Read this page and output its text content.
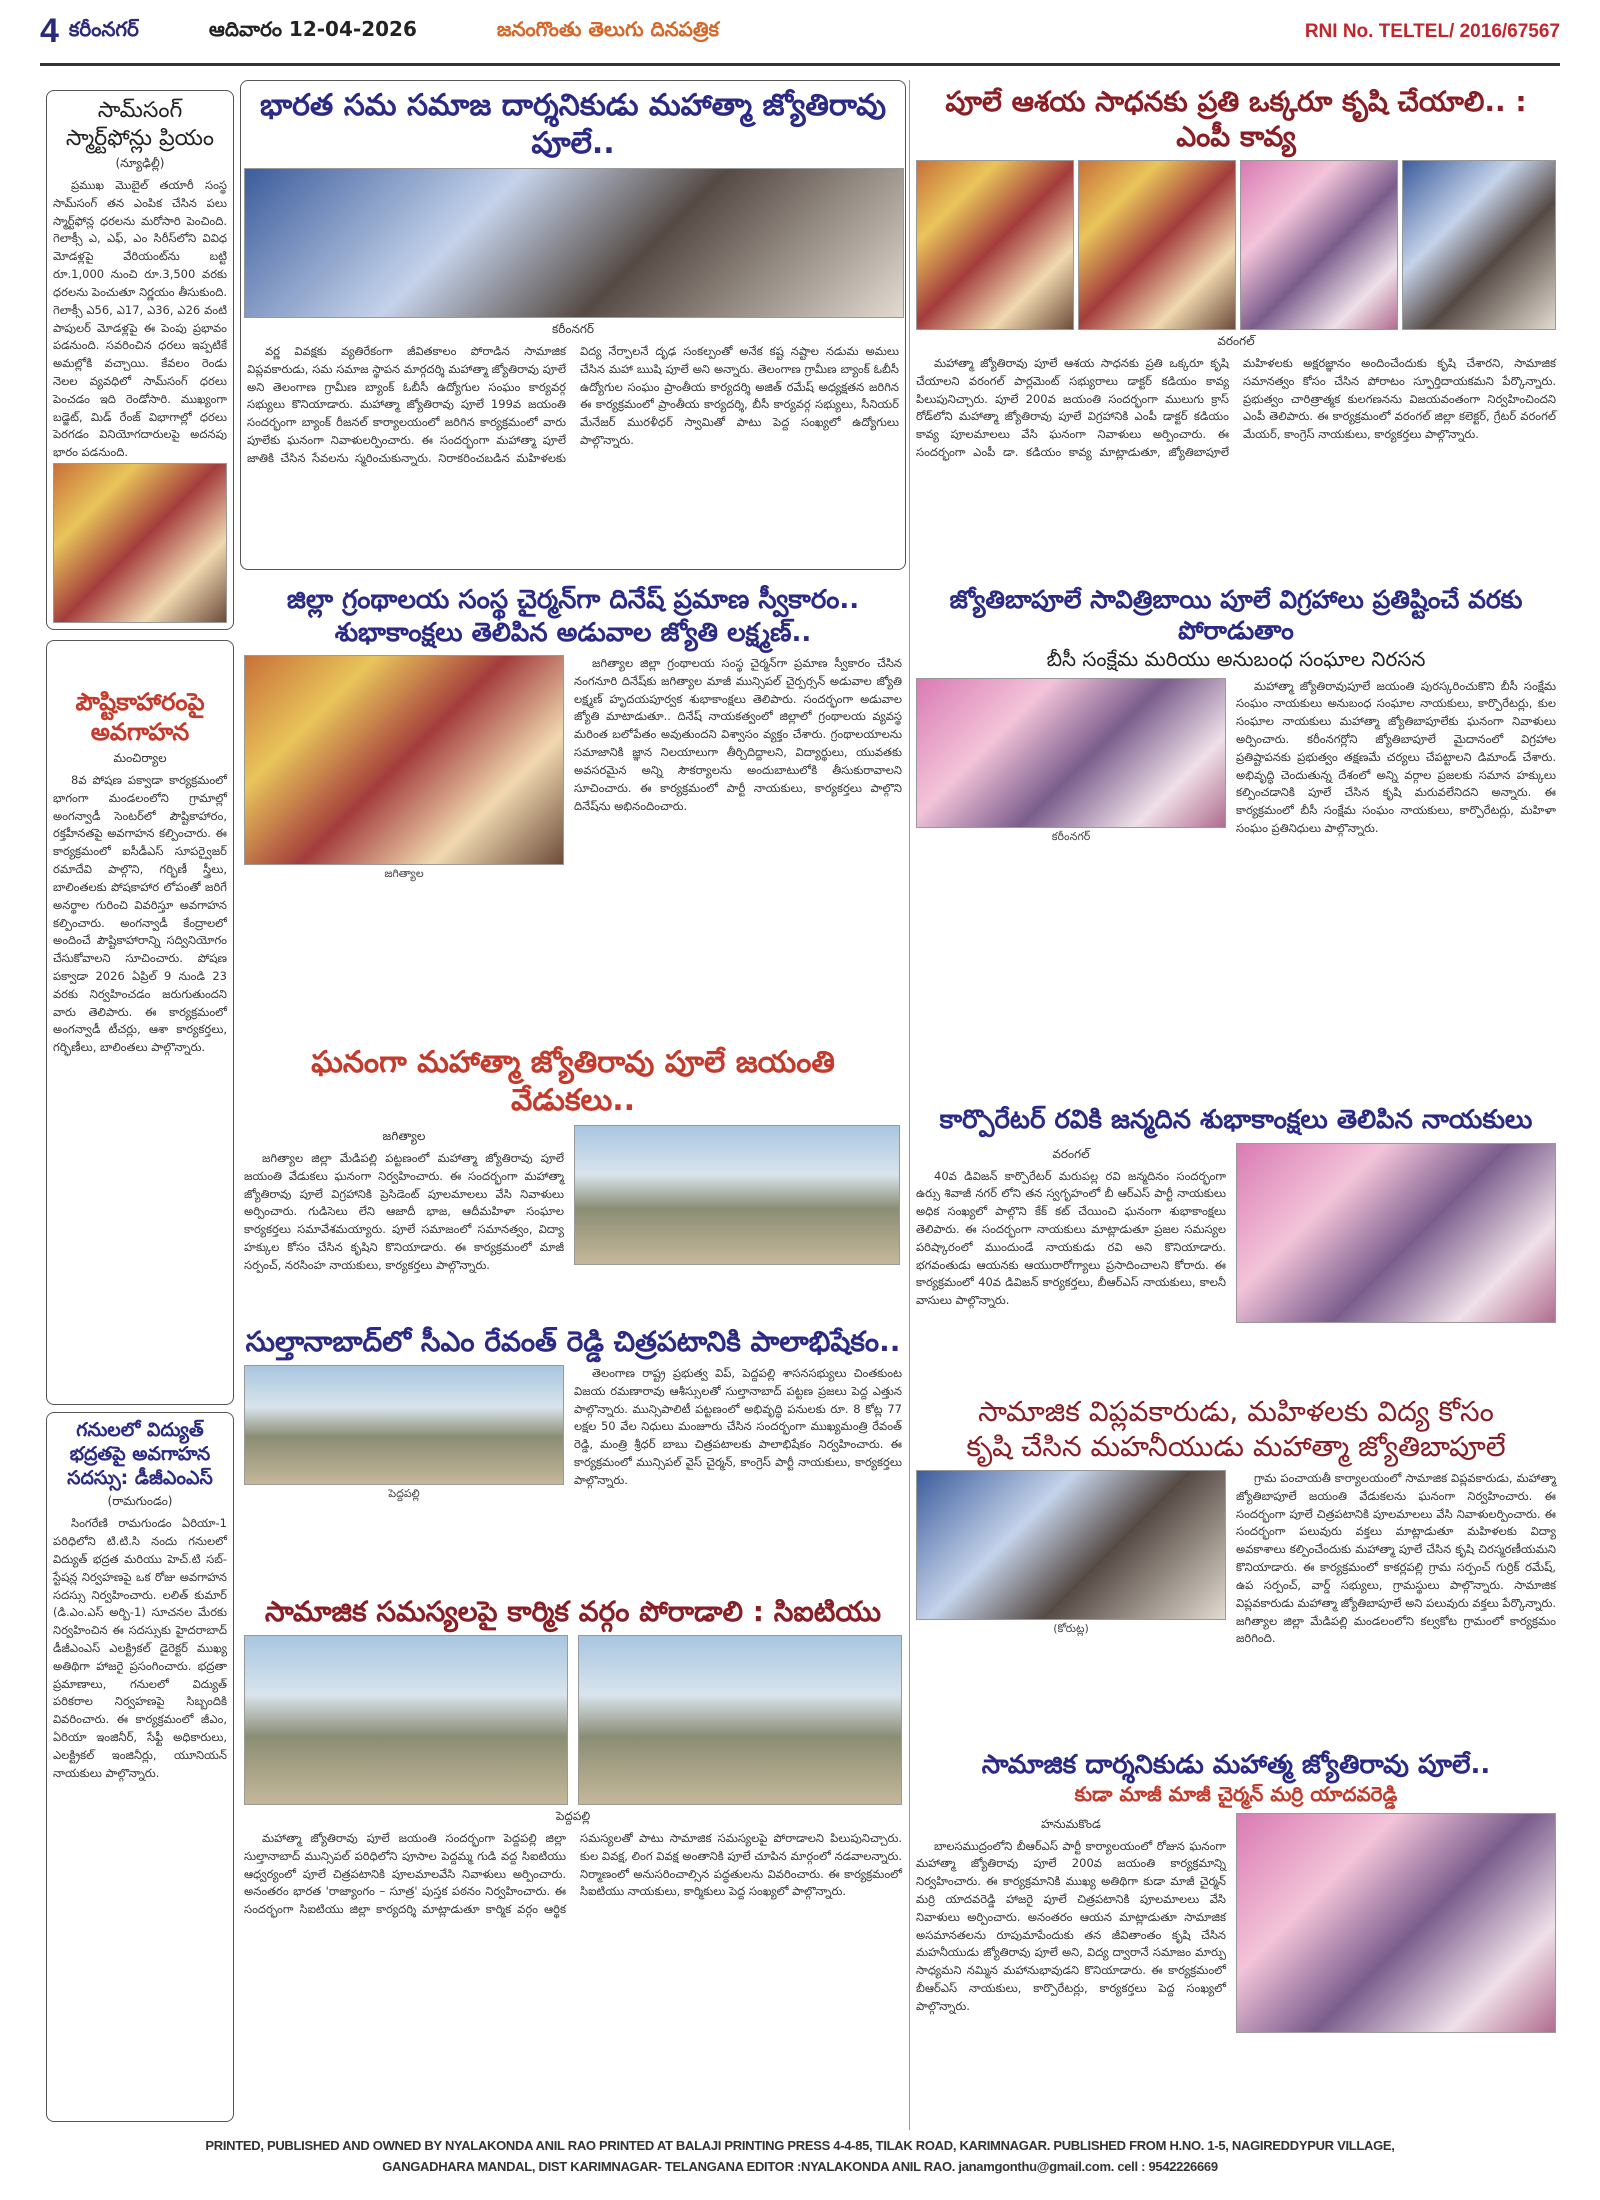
4 కరీంనగర్	ఆదివారం 12-04-2026	జనంగొంతు తెలుగు దినపత్రిక	RNI No. TELTEL/ 2016/67567
సామ్‌సంగ్ స్మార్ట్‌ఫోన్లు ప్రియం
(న్యూఢిల్లీ)

ప్రముఖ మొబైల్ తయారీ సంస్థ సామ్‌సంగ్ తన ఎంపిక చేసిన పలు స్మార్ట్‌ఫోన్ల ధరలను మరోసారి పెంచింది. గెలాక్సీ ఎ, ఎఫ్, ఎం సిరీస్‌లోని వివిధ మోడళ్లపై వేరియంట్‌ను బట్టి రూ.1,000 నుంచి రూ.3,500 వరకు ధరలను పెంచుతూ నిర్ణయం తీసుకుంది. గెలాక్సీ ఎ56, ఎ17, ఎ36, ఎ26 వంటి పాపులర్ మోడళ్లపై ఈ పెంపు ప్రభావం పడనుంది. సవరించిన ధరలు ఇప్పటికే అమల్లోకి వచ్చాయి. కేవలం రెండు నెలల వ్యవధిలో సామ్‌సంగ్ ధరలు పెంచడం ఇది రెండోసారి. ముఖ్యంగా బడ్జెట్, మిడ్ రేంజ్ విభాగాల్లో ధరలు పెరగడం వినియోగదారులపై అదనపు భారం పడనుంది.

పౌష్టికాహారంపై అవగాహన
మంచిర్యాల

8వ పోషణ పక్వాడా కార్యక్రమంలో భాగంగా మండలంలోని గ్రామాల్లో అంగన్వాడీ సెంటర్‌లో పౌష్టికాహారం, రక్తహీనతపై అవగాహన కల్పించారు. ఈ కార్యక్రమంలో ఐసీడీఎస్ సూపర్వైజర్ రమాదేవి పాల్గొని, గర్భిణీ స్త్రీలు, బాలింతలకు పోషకాహార లోపంతో జరిగే అనర్థాల గురించి వివరిస్తూ అవగాహన కల్పించారు. అంగన్వాడీ కేంద్రాలలో అందించే పౌష్టికాహారాన్ని సద్వినియోగం చేసుకోవాలని సూచించారు. పోషణ పక్వాడా 2026 ఏప్రిల్ 9 నుండి 23 వరకు నిర్వహించడం జరుగుతుందని వారు తెలిపారు. ఈ కార్యక్రమంలో అంగన్వాడీ టీచర్లు, ఆశా కార్యకర్తలు, గర్భిణీలు, బాలింతలు పాల్గొన్నారు.

గనులలో విద్యుత్ భద్రతపై అవగాహన సదస్సు: డీజీఎంఎస్
(రామగుండం)

సింగరేణి రామగుండం ఏరియా-1 పరిధిలోని టి.టి.సి నందు గనులలో విద్యుత్ భద్రత మరియు హెచ్.టి సబ్-స్టేషన్ల నిర్వహణపై ఒక రోజు అవగాహన సదస్సు నిర్వహించారు. లలిత్ కుమార్ (డి.ఎం.ఎస్ అర్బి-1) సూచనల మేరకు నిర్వహించిన ఈ సదస్సుకు హైదరాబాద్ డీజీఎంఎస్ ఎలక్ట్రికల్ డైరెక్టర్ ముఖ్య అతిథిగా హాజరై ప్రసంగించారు. భద్రతా ప్రమాణాలు, గనులలో విద్యుత్ పరికరాల నిర్వహణపై సిబ్బందికి వివరించారు. ఈ కార్యక్రమంలో జీఎం, ఏరియా ఇంజినీర్, సేఫ్టీ అధికారులు, ఎలక్ట్రికల్ ఇంజినీర్లు, యూనియన్ నాయకులు పాల్గొన్నారు.

భారత సమ సమాజ దార్శనికుడు మహాత్మా జ్యోతిరావు పూలే..
కరీంనగర్

వర్ణ వివక్షకు వ్యతిరేకంగా జీవితకాలం పోరాడిన సామాజిక విప్లవకారుడు, సమ సమాజ స్థాపన మార్గదర్శి మహాత్మా జ్యోతిరావు పూలే అని తెలంగాణ గ్రామీణ బ్యాంక్ ఓబీసీ ఉద్యోగుల సంఘం కార్యవర్గ సభ్యులు కొనియాడారు. మహాత్మా జ్యోతిరావు పూలే 199వ జయంతి సందర్భంగా బ్యాంక్ రీజనల్ కార్యాలయంలో జరిగిన కార్యక్రమంలో వారు పూలేకు ఘనంగా నివాళులర్పించారు. ఈ సందర్భంగా మహాత్మా పూలే జాతికి చేసిన సేవలను స్మరించుకున్నారు. నిరాకరించబడిన మహిళలకు విద్య నేర్పాలనే దృఢ సంకల్పంతో అనేక కష్ట నష్టాల నడుమ అమలు చేసిన మహా ఋషి పూలే అని అన్నారు. తెలంగాణ గ్రామీణ బ్యాంక్ ఓబీసీ ఉద్యోగుల సంఘం ప్రాంతీయ కార్యదర్శి అజిత్ రమేష్ అధ్యక్షతన జరిగిన ఈ కార్యక్రమంలో ప్రాంతీయ కార్యదర్శి, బీసీ కార్యవర్గ సభ్యులు, సీనియర్ మేనేజర్ మురళీధర్ స్వామితో పాటు పెద్ద సంఖ్యలో ఉద్యోగులు పాల్గొన్నారు.

జిల్లా గ్రంథాలయ సంస్థ చైర్మన్‌గా దినేష్ ప్రమాణ స్వీకారం..
శుభాకాంక్షలు తెలిపిన అడువాల జ్యోతి లక్ష్మణ్..
జగిత్యాల

జగిత్యాల జిల్లా గ్రంథాలయ సంస్థ చైర్మన్‌గా ప్రమాణ స్వీకారం చేసిన నంగనూరి దినేష్‌కు జగిత్యాల మాజీ మున్సిపల్ చైర్పర్సన్ అడువాల జ్యోతి లక్ష్మణ్ హృదయపూర్వక శుభాకాంక్షలు తెలిపారు. సందర్భంగా అడువాల జ్యోతి మాటాడుతూ.. దినేష్ నాయకత్వంలో జిల్లాలో గ్రంథాలయ వ్యవస్థ మరింత బలోపేతం అవుతుందని విశ్వాసం వ్యక్తం చేశారు. గ్రంథాలయాలను సమాజానికి జ్ఞాన నిలయాలుగా తీర్చిదిద్దాలని, విద్యార్థులు, యువతకు అవసరమైన అన్ని సౌకర్యాలను అందుబాటులోకి తీసుకురావాలని సూచించారు. ఈ కార్యక్రమంలో పార్టీ నాయకులు, కార్యకర్తలు పాల్గొని దినేష్‌ను అభినందించారు.

ఘనంగా మహాత్మా జ్యోతిరావు పూలే జయంతి వేడుకలు..
జగిత్యాల

జగిత్యాల జిల్లా మేడిపల్లి పట్టణంలో మహాత్మా జ్యోతిరావు పూలే జయంతి వేడుకలు ఘనంగా నిర్వహించారు. ఈ సందర్భంగా మహాత్మా జ్యోతిరావు పూలే విగ్రహానికి ప్రెసిడెంట్ పూలమాలలు వేసి నివాళులు అర్పించారు. గుడిసెలు లేని ఆజాదీ భాజ, ఆదీమహిళా సంఘాల కార్యకర్తలు సమావేశమయ్యారు. పూలే సమాజంలో సమానత్వం, విద్యా హక్కుల కోసం చేసిన కృషిని కొనియాడారు. ఈ కార్యక్రమంలో మాజీ సర్పంచ్, నరసింహ నాయకులు, కార్యకర్తలు పాల్గొన్నారు.

సుల్తానాబాద్‌లో సీఎం రేవంత్ రెడ్డి చిత్రపటానికి పాలాభిషేకం..
పెద్దపల్లి

తెలంగాణ రాష్ట్ర ప్రభుత్వ విప్, పెద్దపల్లి శాసనసభ్యులు చింతకుంట విజయ రమణారావు ఆశీస్సులతో సుల్తానాబాద్ పట్టణ ప్రజలు పెద్ద ఎత్తున పాల్గొన్నారు. మున్సిపాలిటీ పట్టణంలో అభివృద్ధి పనులకు రూ. 8 కోట్ల 77 లక్షల 50 వేల నిధులు మంజూరు చేసిన సందర్భంగా ముఖ్యమంత్రి రేవంత్ రెడ్డి, మంత్రి శ్రీధర్ బాబు చిత్రపటాలకు పాలాభిషేకం నిర్వహించారు. ఈ కార్యక్రమంలో మున్సిపల్ వైస్ చైర్మన్, కాంగ్రెస్ పార్టీ నాయకులు, కార్యకర్తలు పాల్గొన్నారు.

సామాజిక సమస్యలపై కార్మిక వర్గం పోరాడాలి : సిఐటియు
పెద్దపల్లి

మహాత్మా జ్యోతిరావు పూలే జయంతి సందర్భంగా పెద్దపల్లి జిల్లా సుల్తానాబాద్ మున్సిపల్ పరిధిలోని పూసాల పెద్దమ్మ గుడి వద్ద సిఐటియు ఆధ్వర్యంలో పూలే చిత్రపటానికి పూలమాలవేసి నివాళులు అర్పించారు. అనంతరం భారత 'రాజ్యాంగం – సూత్ర' పుస్తక పఠనం నిర్వహించారు. ఈ సందర్భంగా సిఐటియు జిల్లా కార్యదర్శి మాట్లాడుతూ కార్మిక వర్గం ఆర్థిక సమస్యలతో పాటు సామాజిక సమస్యలపై పోరాడాలని పిలుపునిచ్చారు. కుల వివక్ష, లింగ వివక్ష అంతానికి పూలే చూపిన మార్గంలో నడవాలన్నారు. నిర్మాణంలో అనుసరించాల్సిన పద్ధతులను వివరించారు. ఈ కార్యక్రమంలో సిఐటియు నాయకులు, కార్మికులు పెద్ద సంఖ్యలో పాల్గొన్నారు.

పూలే ఆశయ సాధనకు ప్రతి ఒక్కరూ కృషి చేయాలి.. : ఎంపీ కావ్య
వరంగల్

మహాత్మా జ్యోతిరావు పూలే ఆశయ సాధనకు ప్రతి ఒక్కరూ కృషి చేయాలని వరంగల్ పార్లమెంట్ సభ్యురాలు డాక్టర్ కడియం కావ్య పిలుపునిచ్చారు. పూలే 200వ జయంతి సందర్భంగా ములుగు క్రాస్ రోడ్‌లోని మహాత్మా జ్యోతిరావు పూలే విగ్రహానికి ఎంపీ డాక్టర్ కడియం కావ్య పూలమాలలు వేసి ఘనంగా నివాళులు అర్పించారు. ఈ సందర్భంగా ఎంపీ డా. కడియం కావ్య మాట్లాడుతూ, జ్యోతిబాపూలే మహిళలకు అక్షరజ్ఞానం అందించేందుకు కృషి చేశారని, సామాజిక సమానత్వం కోసం చేసిన పోరాటం స్ఫూర్తిదాయకమని పేర్కొన్నారు. ప్రభుత్వం చారిత్రాత్మక కులగణనను విజయవంతంగా నిర్వహించిందని ఎంపీ తెలిపారు. ఈ కార్యక్రమంలో వరంగల్ జిల్లా కలెక్టర్, గ్రేటర్ వరంగల్ మేయర్, కాంగ్రెస్ నాయకులు, కార్యకర్తలు పాల్గొన్నారు.

జ్యోతిబాపూలే సావిత్రిబాయి పూలే విగ్రహాలు ప్రతిష్టించే వరకు పోరాడుతాం
బీసీ సంక్షేమ మరియు అనుబంధ సంఘాల నిరసన
కరీంనగర్

మహాత్మా జ్యోతిరావుపూలే జయంతి పురస్కరించుకొని బీసీ సంక్షేమ సంఘం నాయకులు అనుబంధ సంఘాల నాయకులు, కార్పొరేటర్లు, కుల సంఘాల నాయకులు మహాత్మా జ్యోతిబాపూలేకు ఘనంగా నివాళులు అర్పించారు. కరీంనగర్లోని జ్యోతిబాపూలే మైదానంలో విగ్రహాల ప్రతిష్టాపనకు ప్రభుత్వం తక్షణమే చర్యలు చేపట్టాలని డిమాండ్ చేశారు. అభివృద్ధి చెందుతున్న దేశంలో అన్ని వర్గాల ప్రజలకు సమాన హక్కులు కల్పించడానికి పూలే చేసిన కృషి మరువలేనిదని అన్నారు. ఈ కార్యక్రమంలో బీసీ సంక్షేమ సంఘం నాయకులు, కార్పొరేటర్లు, మహిళా సంఘం ప్రతినిధులు పాల్గొన్నారు.

కార్పొరేటర్ రవికి జన్మదిన శుభాకాంక్షలు తెలిపిన నాయకులు
వరంగల్

40వ డివిజన్ కార్పొరేటర్ మరుపల్ల రవి జన్మదినం సందర్భంగా ఉర్సు శివాజీ నగర్ లోని తన స్వగృహంలో బీ ఆర్ఎస్ పార్టీ నాయకులు అధిక సంఖ్యలో పాల్గొని కేక్ కట్ చేయించి ఘనంగా శుభాకాంక్షలు తెలిపారు. ఈ సందర్భంగా నాయకులు మాట్లాడుతూ ప్రజల సమస్యల పరిష్కారంలో ముందుండే నాయకుడు రవి అని కొనియాడారు. భగవంతుడు ఆయనకు ఆయురారోగ్యాలు ప్రసాదించాలని కోరారు. ఈ కార్యక్రమంలో 40వ డివిజన్ కార్యకర్తలు, బీఆర్ఎస్ నాయకులు, కాలనీ వాసులు పాల్గొన్నారు.

సామాజిక విప్లవకారుడు, మహిళలకు విద్య కోసం
కృషి చేసిన మహనీయుడు మహాత్మా జ్యోతిబాపూలే
(కోరుట్ల)

గ్రామ పంచాయతీ కార్యాలయంలో సామాజిక విప్లవకారుడు, మహాత్మా జ్యోతిబాపూలే జయంతి వేడుకలను ఘనంగా నిర్వహించారు. ఈ సందర్భంగా పూలే చిత్రపటానికి పూలమాలలు వేసి నివాళులర్పించారు. ఈ సందర్భంగా పలువురు వక్తలు మాట్లాడుతూ మహిళలకు విద్యా అవకాశాలు కల్పించేందుకు మహాత్మా పూలే చేసిన కృషి చిరస్మరణీయమని కొనియాడారు. ఈ కార్యక్రమంలో కాకర్లపల్లి గ్రామ సర్పంచ్ గుర్రిక్ రమేష్, ఉప సర్పంచ్, వార్డ్ సభ్యులు, గ్రామస్థులు పాల్గొన్నారు. సామాజిక విప్లవకారుడు మహాత్మా జ్యోతిబాపూలే అని పలువురు వక్తలు పేర్కొన్నారు. జగిత్యాల జిల్లా మేడిపల్లి మండలంలోని కల్వకోట గ్రామంలో కార్యక్రమం జరిగింది.

సామాజిక దార్శనికుడు మహాత్మ జ్యోతిరావు పూలే..
కుడా మాజీ మాజీ చైర్మన్ మర్రి యాదవరెడ్డి
హనుమకొండ

బాలసముద్రంలోని బీఆర్ఎస్ పార్టీ కార్యాలయంలో రోజున ఘనంగా మహాత్మా జ్యోతిరావు పూలే 200వ జయంతి కార్యక్రమాన్ని నిర్వహించారు. ఈ కార్యక్రమానికి ముఖ్య అతిథిగా కుడా మాజీ చైర్మన్ మర్రి యాదవరెడ్డి హాజరై పూలే చిత్రపటానికి పూలమాలలు వేసి నివాళులు అర్పించారు. అనంతరం ఆయన మాట్లాడుతూ సామాజిక అసమానతలను రూపుమాపేందుకు తన జీవితాంతం కృషి చేసిన మహనీయుడు జ్యోతిరావు పూలే అని, విద్య ద్వారానే సమాజం మార్పు సాధ్యమని నమ్మిన మహానుభావుడని కొనియాడారు. ఈ కార్యక్రమంలో బీఆర్ఎస్ నాయకులు, కార్పొరేటర్లు, కార్యకర్తలు పెద్ద సంఖ్యలో పాల్గొన్నారు.

PRINTED, PUBLISHED AND OWNED BY NYALAKONDA ANIL RAO PRINTED AT BALAJI PRINTING PRESS 4-4-85, TILAK ROAD, KARIMNAGAR. PUBLISHED FROM H.NO. 1-5, NAGIREDDYPUR VILLAGE,
GANGADHARA MANDAL, DIST KARIMNAGAR- TELANGANA EDITOR :NYALAKONDA ANIL RAO. janamgonthu@gmail.com. cell : 9542226669
